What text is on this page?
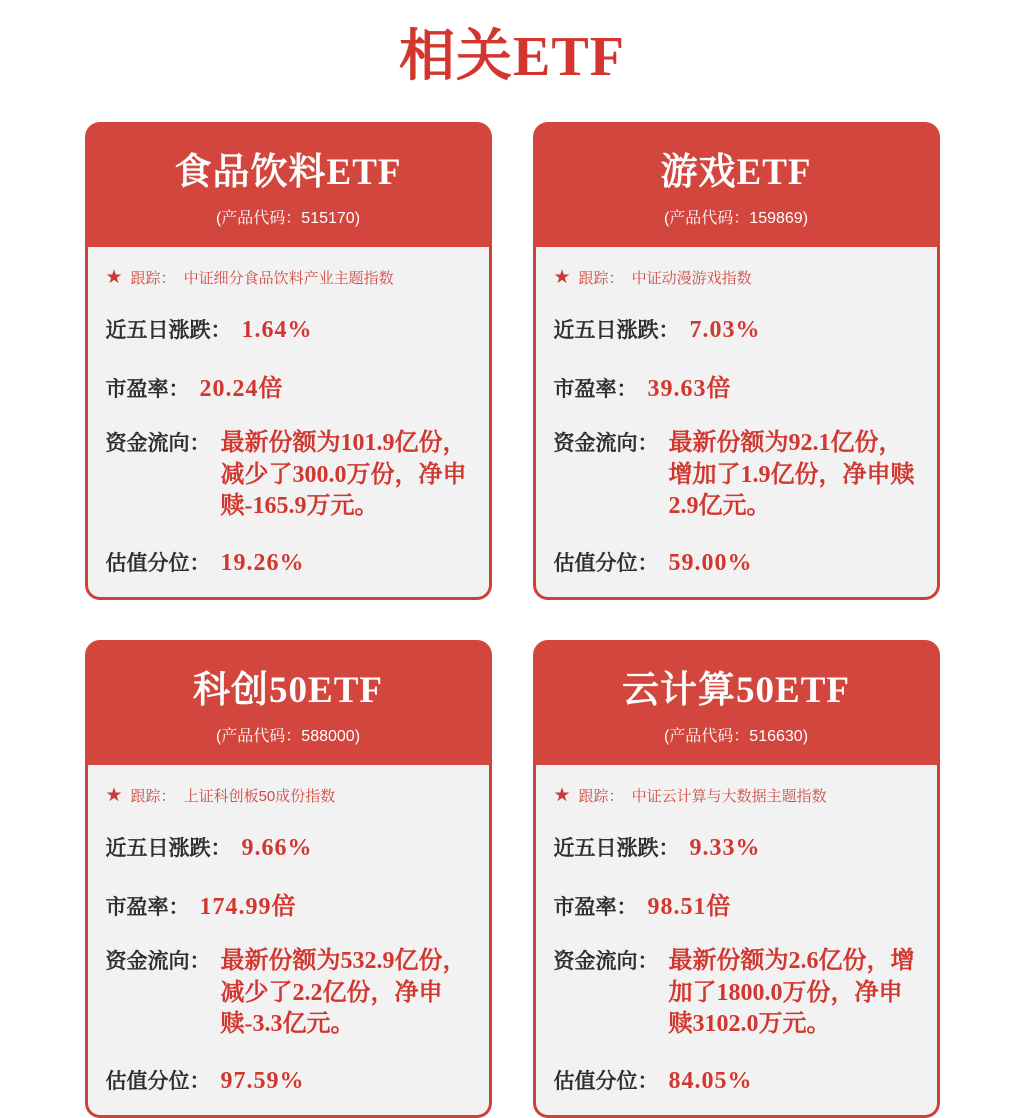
相关ETF
食品饮料ETF
(产品代码：515170)
★ 跟踪： 中证细分食品饮料产业主题指数
近五日涨跌： 1.64%
市盈率： 20.24倍
资金流向： 最新份额为101.9亿份，减少了300.0万份，净申赎-165.9万元。
估值分位： 19.26%
游戏ETF
(产品代码：159869)
★ 跟踪： 中证动漫游戏指数
近五日涨跌： 7.03%
市盈率： 39.63倍
资金流向： 最新份额为92.1亿份，增加了1.9亿份，净申赎2.9亿元。
估值分位： 59.00%
科创50ETF
(产品代码：588000)
★ 跟踪： 上证科创板50成份指数
近五日涨跌： 9.66%
市盈率： 174.99倍
资金流向： 最新份额为532.9亿份，减少了2.2亿份，净申赎-3.3亿元。
估值分位： 97.59%
云计算50ETF
(产品代码：516630)
★ 跟踪： 中证云计算与大数据主题指数
近五日涨跌： 9.33%
市盈率： 98.51倍
资金流向： 最新份额为2.6亿份，增加了1800.0万份，净申赎3102.0万元。
估值分位： 84.05%
